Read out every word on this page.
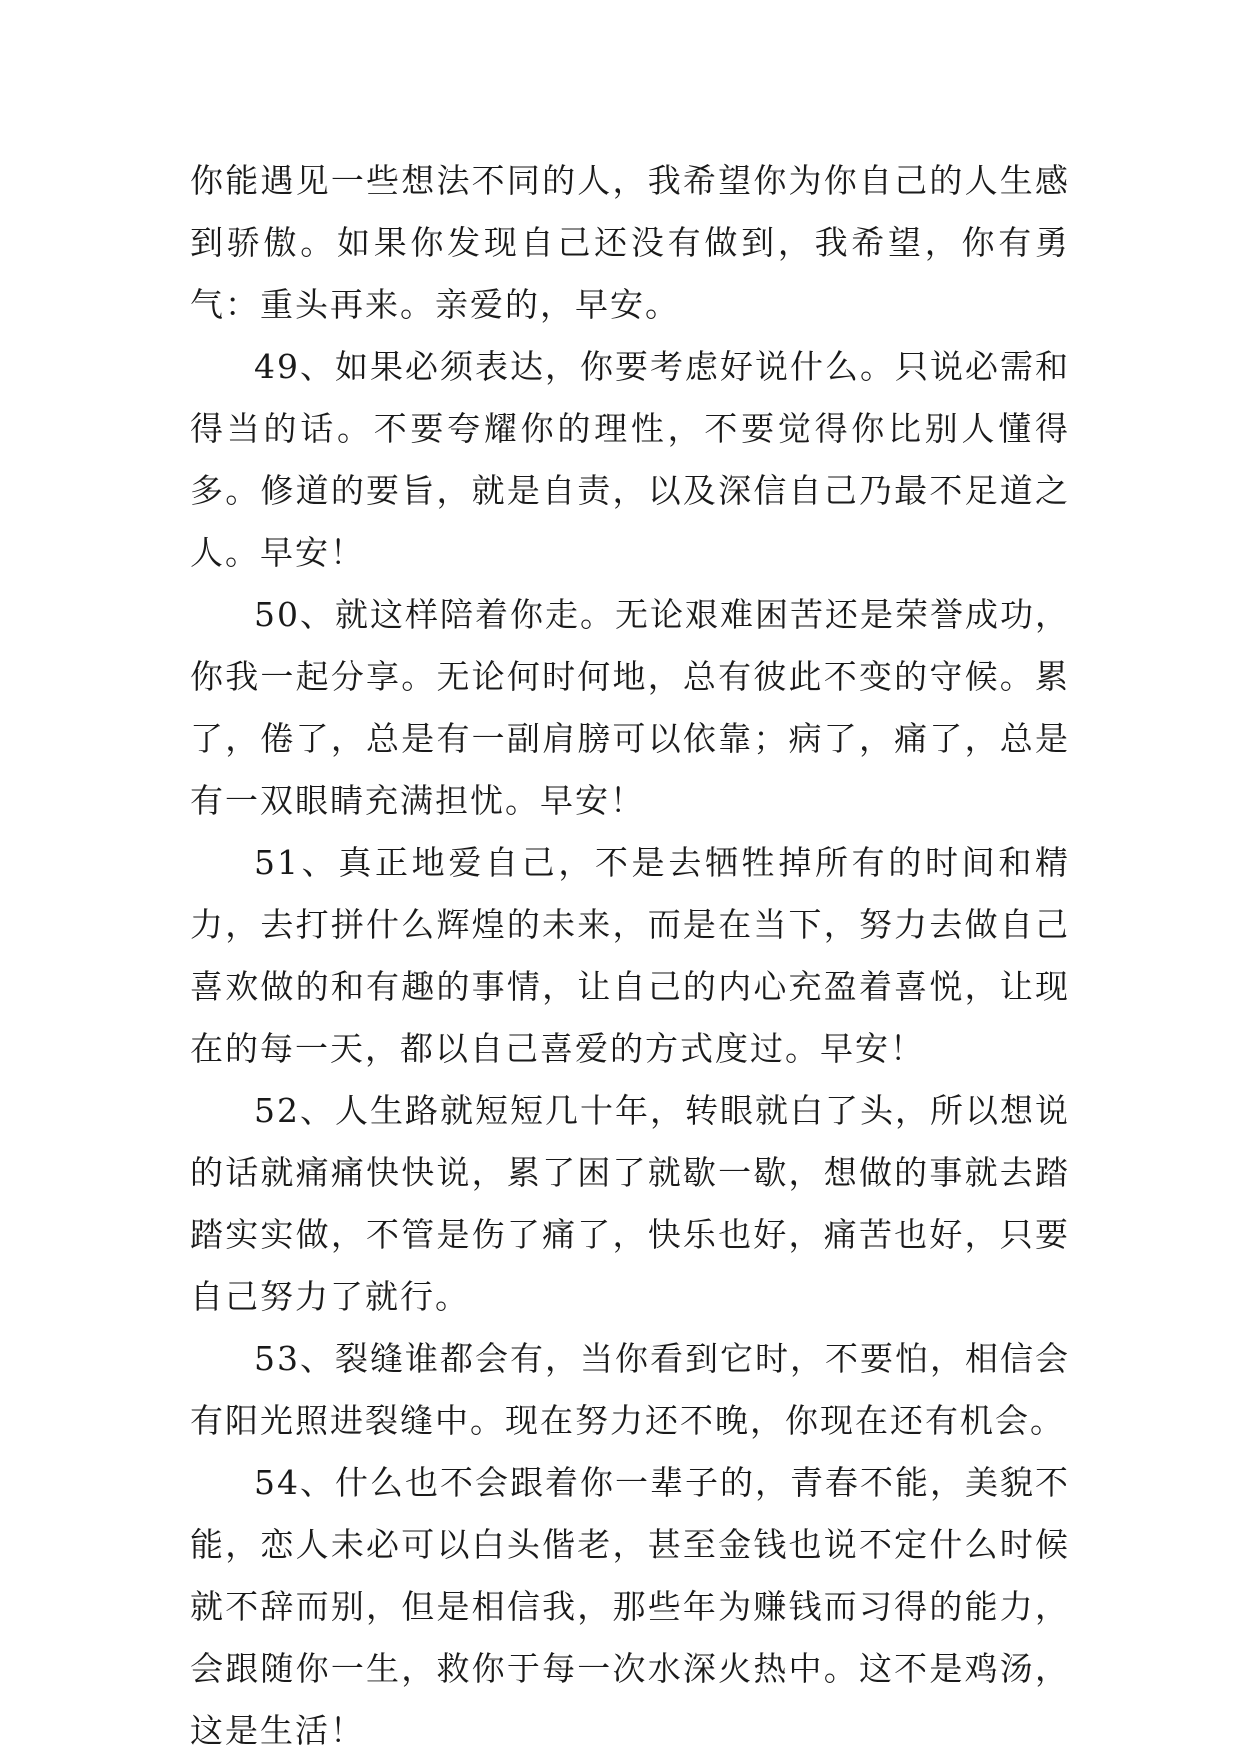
你能遇见一些想法不同的人，我希望你为你自己的人生感到骄傲。如果你发现自己还没有做到，我希望，你有勇气：重头再来。亲爱的，早安。

49、如果必须表达，你要考虑好说什么。只说必需和得当的话。不要夸耀你的理性，不要觉得你比别人懂得多。修道的要旨，就是自责，以及深信自己乃最不足道之人。早安！

50、就这样陪着你走。无论艰难困苦还是荣誉成功，你我一起分享。无论何时何地，总有彼此不变的守候。累了，倦了，总是有一副肩膀可以依靠；病了，痛了，总是有一双眼睛充满担忧。早安！

51、真正地爱自己，不是去牺牲掉所有的时间和精力，去打拼什么辉煌的未来，而是在当下，努力去做自己喜欢做的和有趣的事情，让自己的内心充盈着喜悦，让现在的每一天，都以自己喜爱的方式度过。早安！

52、人生路就短短几十年，转眼就白了头，所以想说的话就痛痛快快说，累了困了就歇一歇，想做的事就去踏踏实实做，不管是伤了痛了，快乐也好，痛苦也好，只要自己努力了就行。

53、裂缝谁都会有，当你看到它时，不要怕，相信会有阳光照进裂缝中。现在努力还不晚，你现在还有机会。

54、什么也不会跟着你一辈子的，青春不能，美貌不能，恋人未必可以白头偕老，甚至金钱也说不定什么时候就不辞而别，但是相信我，那些年为赚钱而习得的能力，会跟随你一生，救你于每一次水深火热中。这不是鸡汤，这是生活！
